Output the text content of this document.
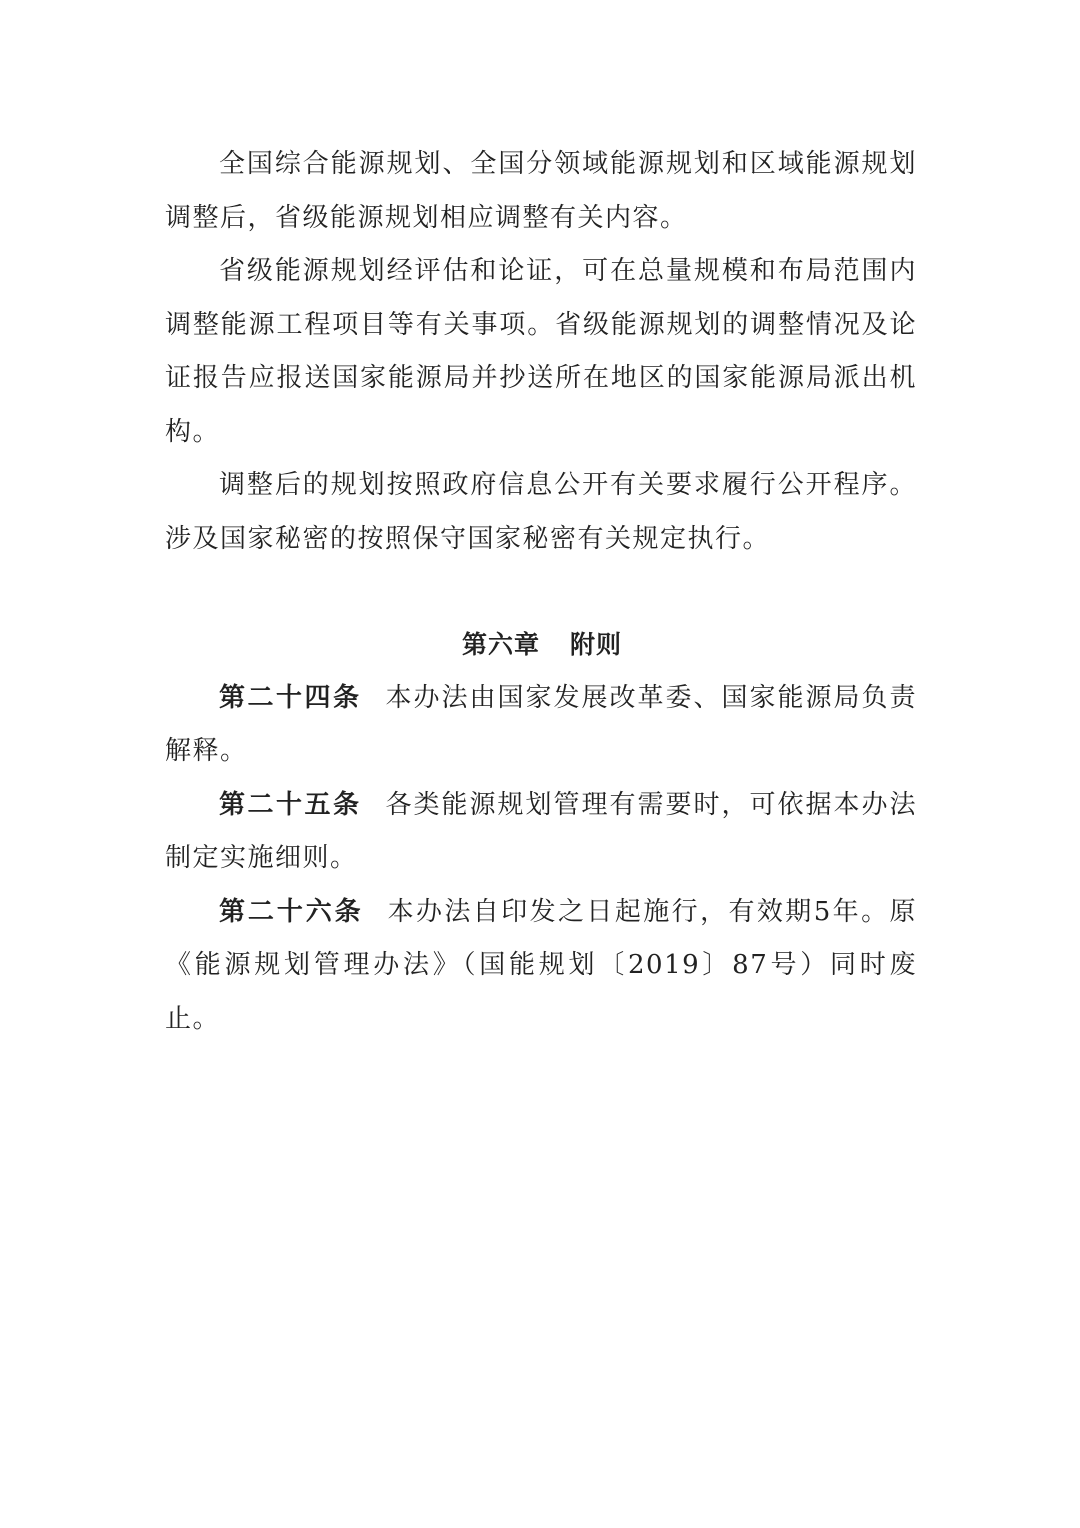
全国综合能源规划、全国分领域能源规划和区域能源规划调整后，省级能源规划相应调整有关内容。

省级能源规划经评估和论证，可在总量规模和布局范围内调整能源工程项目等有关事项。省级能源规划的调整情况及论证报告应报送国家能源局并抄送所在地区的国家能源局派出机构。

调整后的规划按照政府信息公开有关要求履行公开程序。涉及国家秘密的按照保守国家秘密有关规定执行。

第六章 附则

第二十四条 本办法由国家发展改革委、国家能源局负责解释。

第二十五条 各类能源规划管理有需要时，可依据本办法制定实施细则。

第二十六条 本办法自印发之日起施行，有效期5年。原《能源规划管理办法》（国能规划〔2019〕87号）同时废止。
